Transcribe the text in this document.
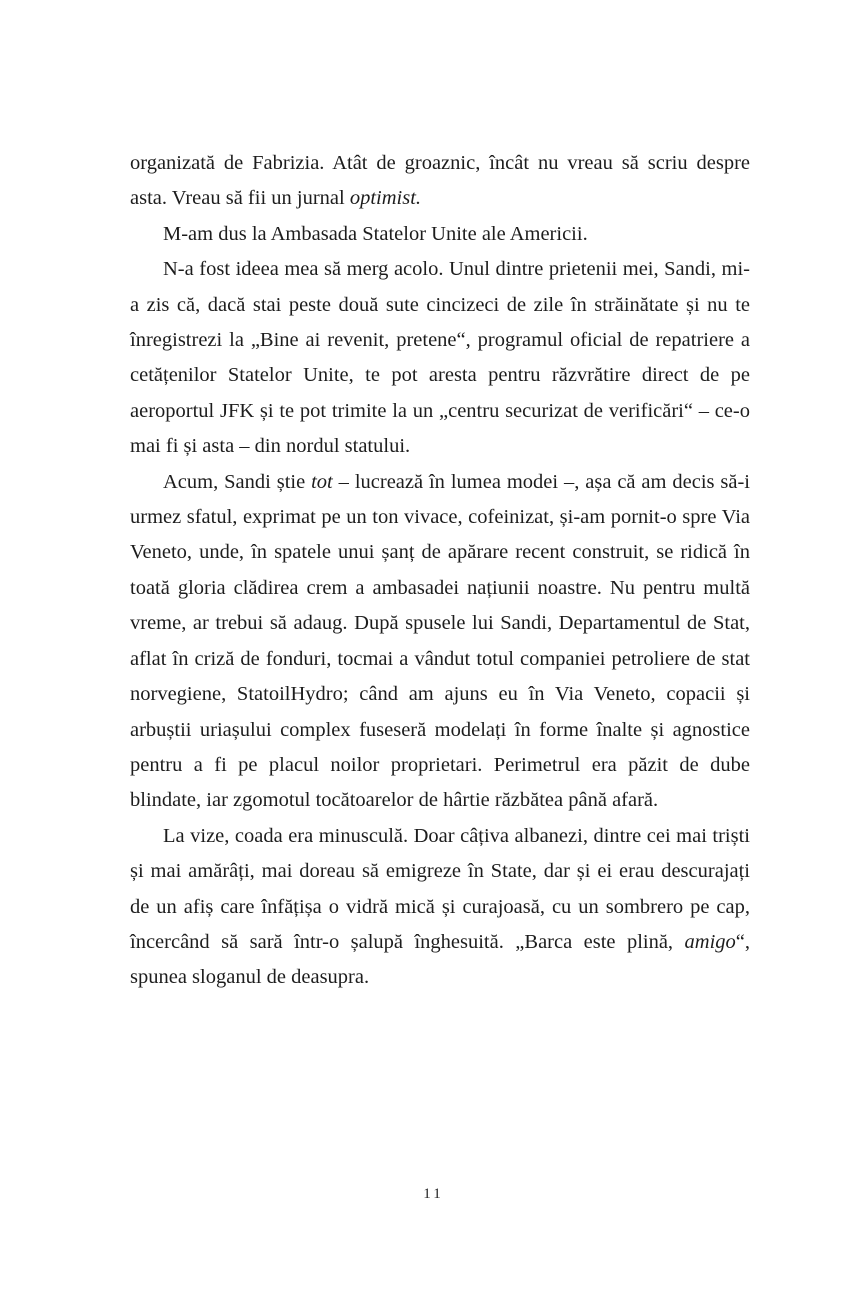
organizată de Fabrizia. Atât de groaznic, încât nu vreau să scriu despre asta. Vreau să fii un jurnal optimist.

M-am dus la Ambasada Statelor Unite ale Americii.

N-a fost ideea mea să merg acolo. Unul dintre prietenii mei, Sandi, mi-a zis că, dacă stai peste două sute cincizeci de zile în străinătate și nu te înregistrezi la „Bine ai revenit, pretene“, programul oficial de repatriere a cetățenilor Statelor Unite, te pot aresta pentru răzvrătire direct de pe aeroportul JFK și te pot trimite la un „centru securizat de verificări“ – ce-o mai fi și asta – din nordul statului.

Acum, Sandi știe tot – lucrează în lumea modei –, așa că am decis să-i urmez sfatul, exprimat pe un ton vivace, cofeinizat, și-am pornit-o spre Via Veneto, unde, în spatele unui șanț de apărare recent construit, se ridică în toată gloria clădirea crem a ambasadei națiunii noastre. Nu pentru multă vreme, ar trebui să adaug. După spusele lui Sandi, Departamentul de Stat, aflat în criză de fonduri, tocmai a vândut totul companiei petroliere de stat norvegiene, StatoilHydro; când am ajuns eu în Via Veneto, copacii și arbuștii uriașului complex fuseseră modelați în forme înalte și agnostice pentru a fi pe placul noilor proprietari. Perimetrul era păzit de dube blindate, iar zgomotul tocătoarelor de hârtie răzbătea până afară.

La vize, coada era minusculă. Doar câțiva albanezi, dintre cei mai triști și mai amărâți, mai doreau să emigreze în State, dar și ei erau descurajați de un afiș care înfățișa o vidră mică și curajoasă, cu un sombrero pe cap, încercând să sară într-o șalupă înghesuită. „Barca este plină, amigo“, spunea sloganul de deasupra.

11
